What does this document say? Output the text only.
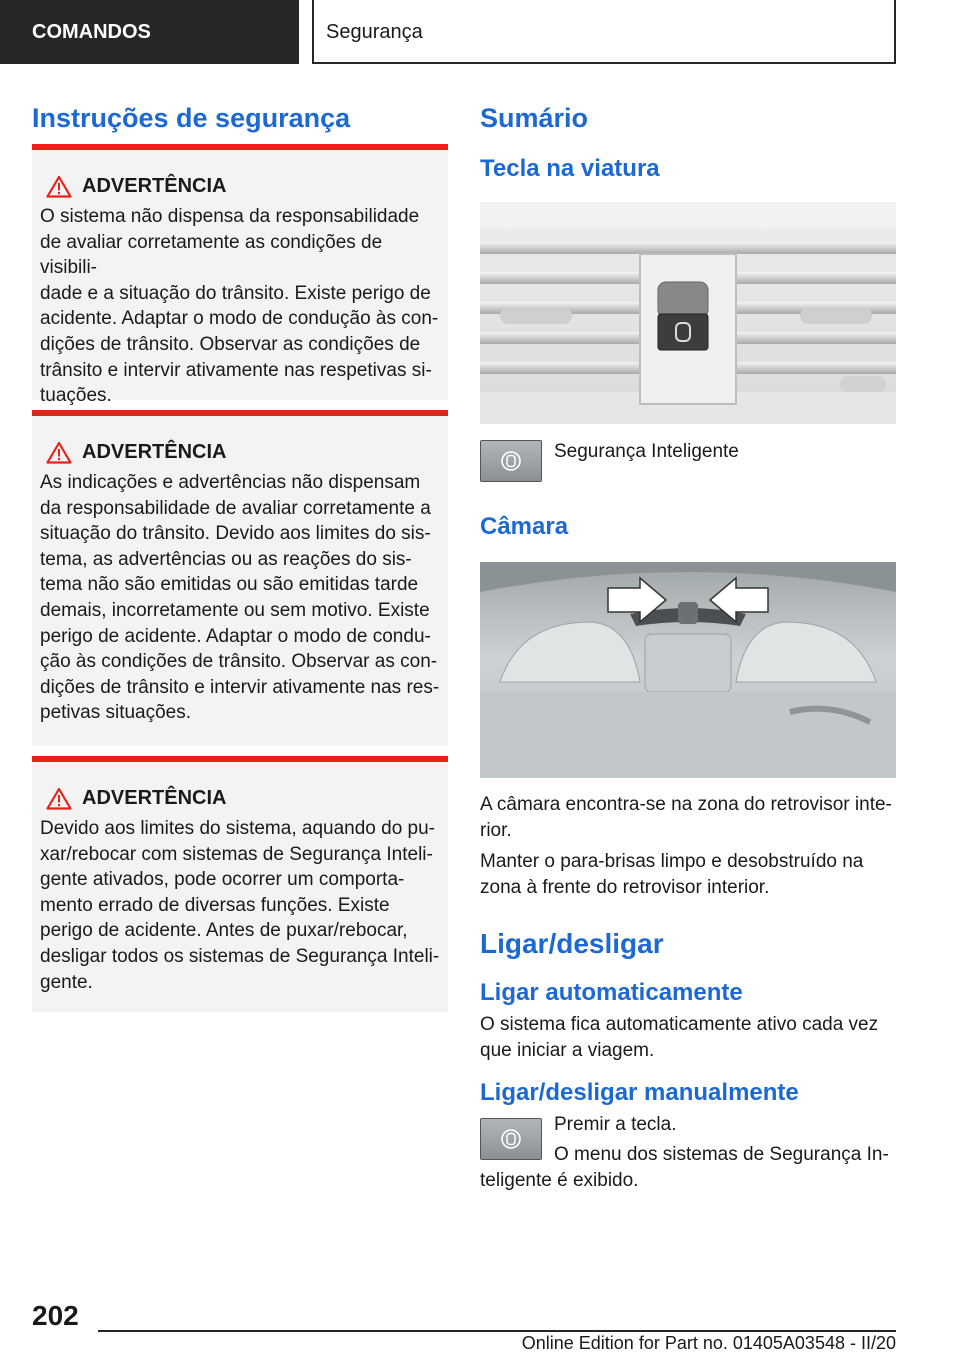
COMANDOS	Segurança
Instruções de segurança
ADVERTÊNCIA

O sistema não dispensa da responsabilidade
de avaliar corretamente as condições de visibili-
dade e a situação do trânsito. Existe perigo de
acidente. Adaptar o modo de condução às con-
dições de trânsito. Observar as condições de
trânsito e intervir ativamente nas respetivas si-
tuações.

ADVERTÊNCIA

As indicações e advertências não dispensam
da responsabilidade de avaliar corretamente a
situação do trânsito. Devido aos limites do sis-
tema, as advertências ou as reações do sis-
tema não são emitidas ou são emitidas tarde
demais, incorretamente ou sem motivo. Existe
perigo de acidente. Adaptar o modo de condu-
ção às condições de trânsito. Observar as con-
dições de trânsito e intervir ativamente nas res-
petivas situações.

ADVERTÊNCIA

Devido aos limites do sistema, aquando do pu-
xar/rebocar com sistemas de Segurança Inteli-
gente ativados, pode ocorrer um comporta-
mento errado de diversas funções. Existe
perigo de acidente. Antes de puxar/rebocar,
desligar todos os sistemas de Segurança Inteli-
gente.

Sumário
Tecla na viatura
Segurança Inteligente
Câmara

A câmara encontra-se na zona do retrovisor inte-
rior.

Manter o para-brisas limpo e desobstruído na
zona à frente do retrovisor interior.

Ligar/desligar
Ligar automaticamente

O sistema fica automaticamente ativo cada vez
que iniciar a viagem.

Ligar/desligar manualmente
Premir a tecla.
O menu dos sistemas de Segurança In-
teligente é exibido.
202
Online Edition for Part no. 01405A03548 - II/20
